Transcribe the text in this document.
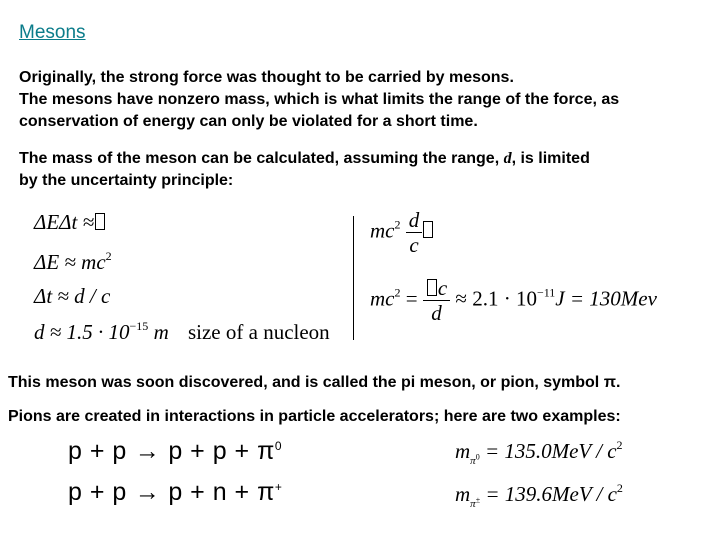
Mesons
Originally, the strong force was thought to be carried by mesons.
The mesons have nonzero mass, which is what limits the range of the force, as
conservation of energy can only be violated for a short time.
The mass of the meson can be calculated, assuming the range, d, is limited
by the uncertainty principle:
ΔEΔt ≈
$\Delta E \approx mc^2$
Δt ≈ d / c
$d \approx 1.5 \cdot 10^{-15}$ m size of a nucleon
$mc^2 \frac{d}{c}$
$mc^2 = \frac{c}{d} \approx 2.1 \cdot 10^{-11}J = 130Mev$
This meson was soon discovered, and is called the pi meson, or pion, symbol π.
Pions are created in interactions in particle accelerators; here are two examples:
$p + p \to p + p + \pi^0$
p + p → p + n + π+
$m_{\pi^0} = 135.0MeV / c^2$
$m_{\pi^\pm} = 139.6MeV / c^2$
